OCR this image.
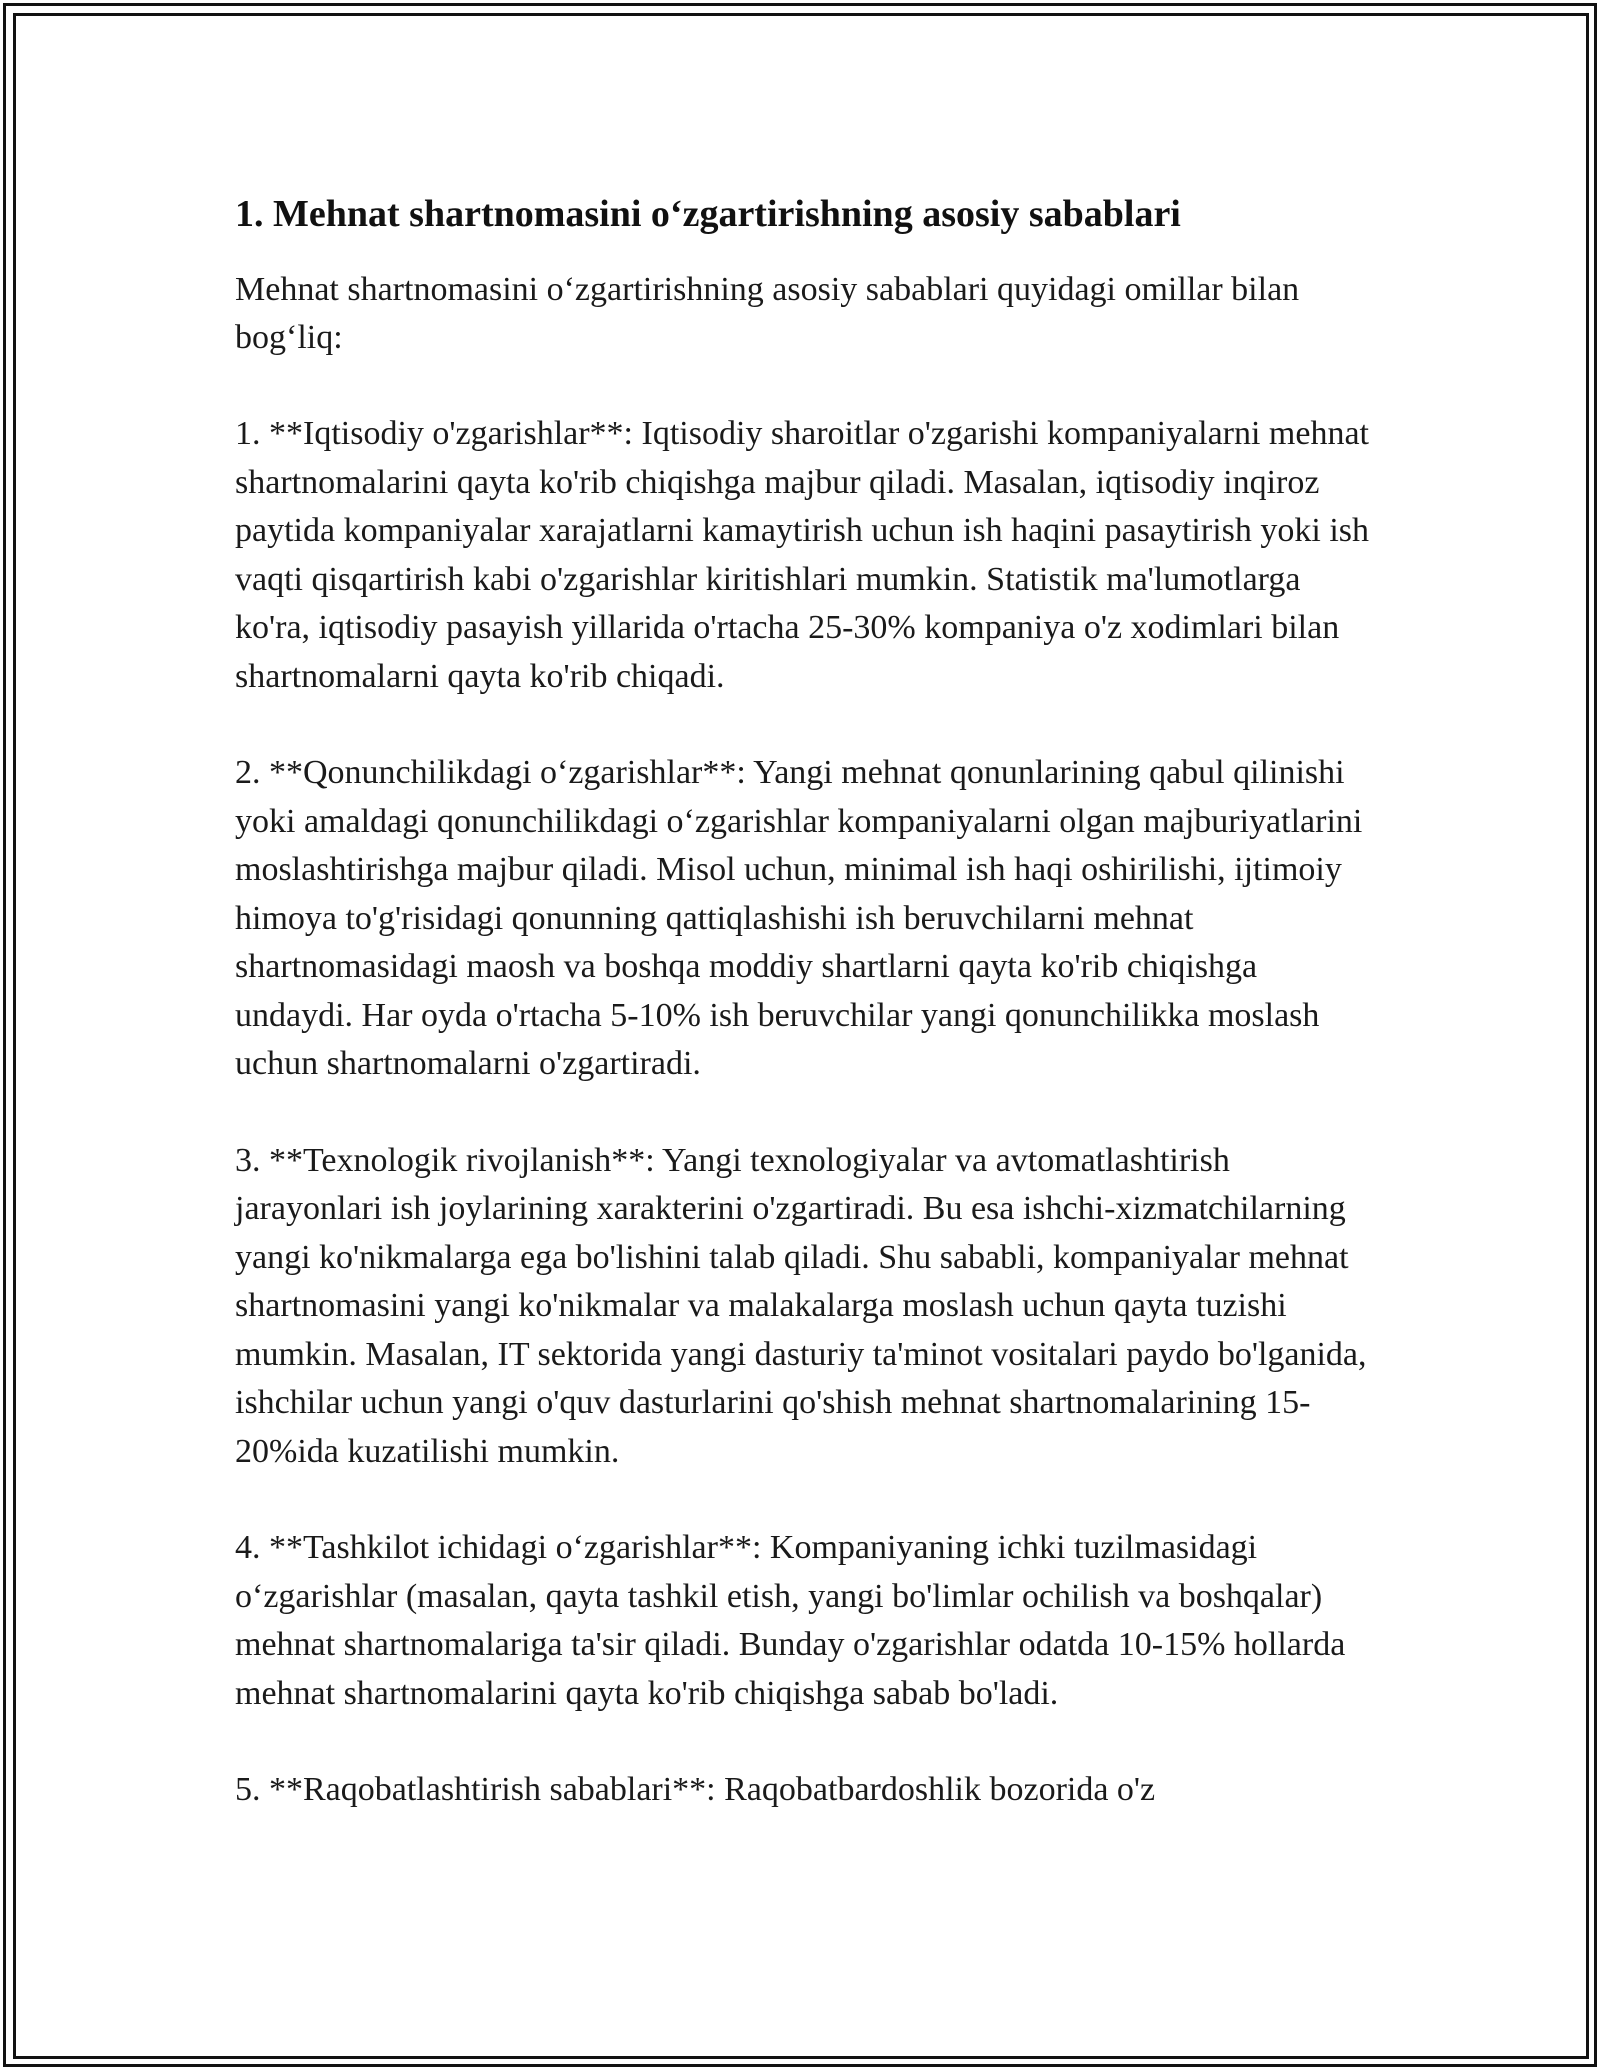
1. Mehnat shartnomasini o‘zgartirishning asosiy sabablari

Mehnat shartnomasini o‘zgartirishning asosiy sabablari quyidagi omillar bilan bog‘liq:

1. **Iqtisodiy o'zgarishlar**: Iqtisodiy sharoitlar o'zgarishi kompaniyalarni mehnat shartnomalarini qayta ko'rib chiqishga majbur qiladi. Masalan, iqtisodiy inqiroz paytida kompaniyalar xarajatlarni kamaytirish uchun ish haqini pasaytirish yoki ish vaqti qisqartirish kabi o'zgarishlar kiritishlari mumkin. Statistik ma'lumotlarga ko'ra, iqtisodiy pasayish yillarida o'rtacha 25-30% kompaniya o'z xodimlari bilan shartnomalarni qayta ko'rib chiqadi.

2. **Qonunchilikdagi o‘zgarishlar**: Yangi mehnat qonunlarining qabul qilinishi yoki amaldagi qonunchilikdagi o‘zgarishlar kompaniyalarni olgan majburiyatlarini moslashtirishga majbur qiladi. Misol uchun, minimal ish haqi oshirilishi, ijtimoiy himoya to'g'risidagi qonunning qattiqlashishi ish beruvchilarni mehnat shartnomasidagi maosh va boshqa moddiy shartlarni qayta ko'rib chiqishga undaydi. Har oyda o'rtacha 5-10% ish beruvchilar yangi qonunchilikka moslash uchun shartnomalarni o'zgartiradi.

3. **Texnologik rivojlanish**: Yangi texnologiyalar va avtomatlashtirish jarayonlari ish joylarining xarakterini o'zgartiradi. Bu esa ishchi-xizmatchilarning yangi ko'nikmalarga ega bo'lishini talab qiladi. Shu sababli, kompaniyalar mehnat shartnomasini yangi ko'nikmalar va malakalarga moslash uchun qayta tuzishi mumkin. Masalan, IT sektorida yangi dasturiy ta'minot vositalari paydo bo'lganida, ishchilar uchun yangi o'quv dasturlarini qo'shish mehnat shartnomalarining 15-20%ida kuzatilishi mumkin.

4. **Tashkilot ichidagi o‘zgarishlar**: Kompaniyaning ichki tuzilmasidagi o‘zgarishlar (masalan, qayta tashkil etish, yangi bo'limlar ochilish va boshqalar) mehnat shartnomalariga ta'sir qiladi. Bunday o'zgarishlar odatda 10-15% hollarda mehnat shartnomalarini qayta ko'rib chiqishga sabab bo'ladi.

5. **Raqobatlashtirish sabablari**: Raqobatbardoshlik bozorida o'z
